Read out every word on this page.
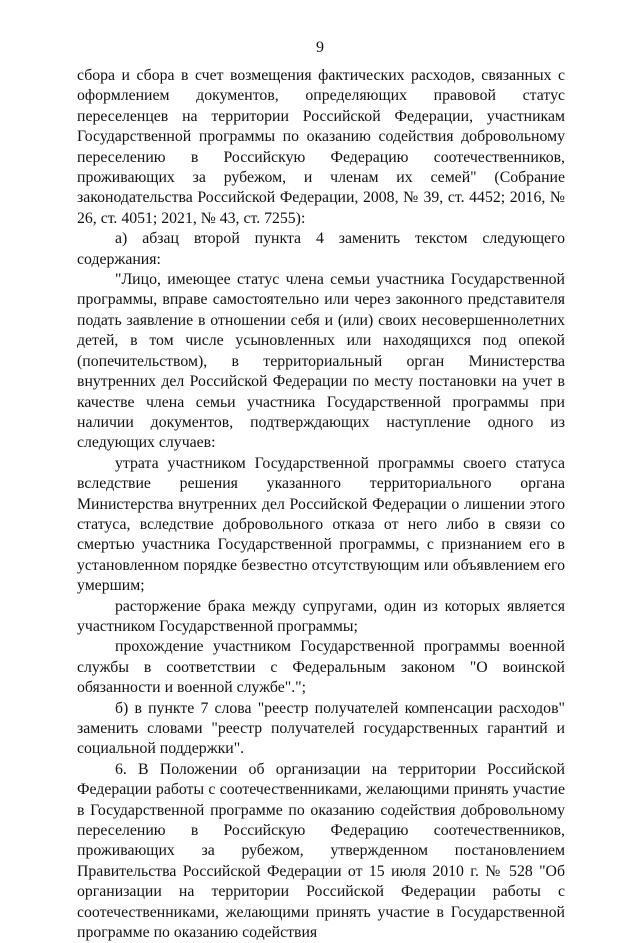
9

сбора и сбора в счет возмещения фактических расходов, связанных с оформлением документов, определяющих правовой статус переселенцев на территории Российской Федерации, участникам Государственной программы по оказанию содействия добровольному переселению в Российскую Федерацию соотечественников, проживающих за рубежом, и членам их семей" (Собрание законодательства Российской Федерации, 2008, № 39, ст. 4452; 2016, № 26, ст. 4051; 2021, № 43, ст. 7255):

а) абзац второй пункта 4 заменить текстом следующего содержания:

"Лицо, имеющее статус члена семьи участника Государственной программы, вправе самостоятельно или через законного представителя подать заявление в отношении себя и (или) своих несовершеннолетних детей, в том числе усыновленных или находящихся под опекой (попечительством), в территориальный орган Министерства внутренних дел Российской Федерации по месту постановки на учет в качестве члена семьи участника Государственной программы при наличии документов, подтверждающих наступление одного из следующих случаев:

утрата участником Государственной программы своего статуса вследствие решения указанного территориального органа Министерства внутренних дел Российской Федерации о лишении этого статуса, вследствие добровольного отказа от него либо в связи со смертью участника Государственной программы, с признанием его в установленном порядке безвестно отсутствующим или объявлением его умершим;

расторжение брака между супругами, один из которых является участником Государственной программы;

прохождение участником Государственной программы военной службы в соответствии с Федеральным законом "О воинской обязанности и военной службе".";

б) в пункте 7 слова "реестр получателей компенсации расходов" заменить словами "реестр получателей государственных гарантий и социальной поддержки".

6. В Положении об организации на территории Российской Федерации работы с соотечественниками, желающими принять участие в Государственной программе по оказанию содействия добровольному переселению в Российскую Федерацию соотечественников, проживающих за рубежом, утвержденном постановлением Правительства Российской Федерации от 15 июля 2010 г. № 528 "Об организации на территории Российской Федерации работы с соотечественниками, желающими принять участие в Государственной программе по оказанию содействия
